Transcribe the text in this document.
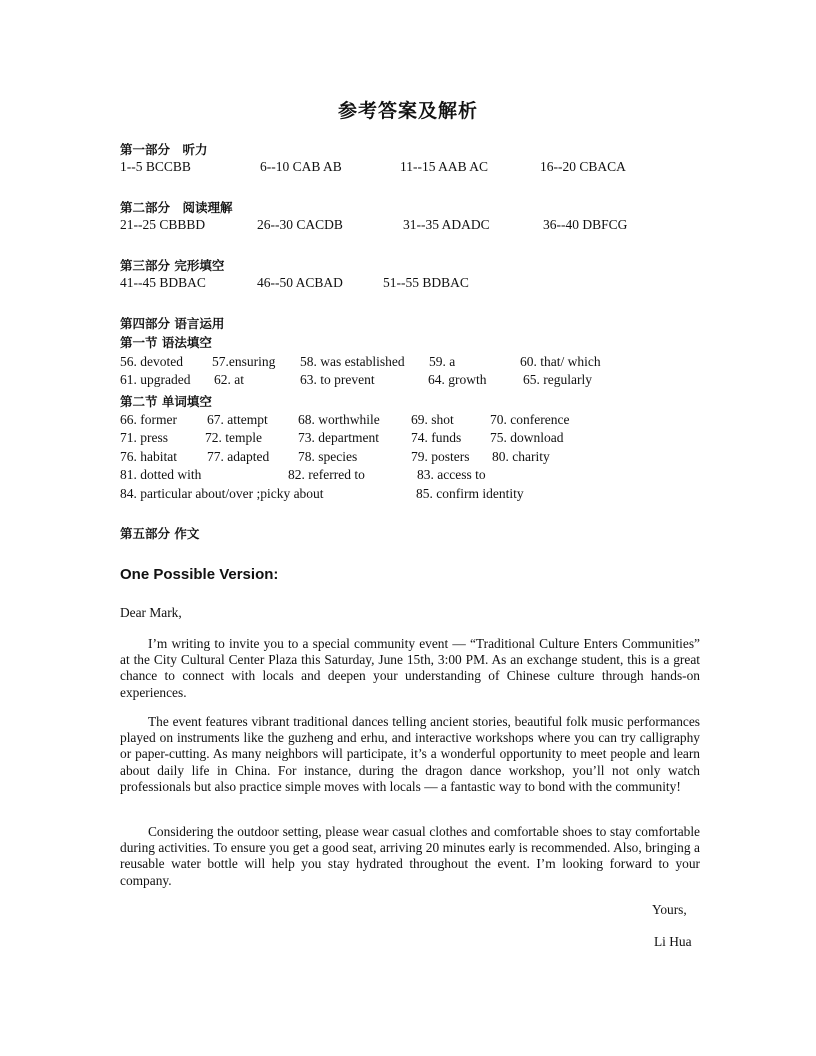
参考答案及解析
第一部分　听力
1--5 BCCBB	6--10 CAB AB	11--15 AAB AC	16--20 CBACA
第二部分　阅读理解
21--25 CBBBD	26--30 CACDB	31--35 ADADC	36--40 DBFCG
第三部分 完形填空
41--45 BDBAC	46--50 ACBAD	51--55 BDBAC
第四部分 语言运用
第一节 语法填空
56. devoted 57.ensuring 58. was established 59. a	60. that/ which
61. upgraded 62. at	63. to prevent	64. growth	65. regularly
第二节 单词填空
66. former 67. attempt 68. worthwhile 69. shot	70. conference
71. press	72. temple	73. department 74. funds 75. download
76. habitat 77. adapted 78. species	79. posters 80. charity
81. dotted with	82. referred to	83. access to
84. particular about/over ;picky about	85. confirm identity
第五部分 作文
One Possible Version:
Dear Mark,
I’m writing to invite you to a special community event — “Traditional Culture Enters Communities” at the City Cultural Center Plaza this Saturday, June 15th, 3:00 PM. As an exchange student, this is a great chance to connect with locals and deepen your understanding of Chinese culture through hands-on experiences.
The event features vibrant traditional dances telling ancient stories, beautiful folk music performances played on instruments like the guzheng and erhu, and interactive workshops where you can try calligraphy or paper-cutting. As many neighbors will participate, it’s a wonderful opportunity to meet people and learn about daily life in China. For instance, during the dragon dance workshop, you’ll not only watch professionals but also practice simple moves with locals — a fantastic way to bond with the community!
Considering the outdoor setting, please wear casual clothes and comfortable shoes to stay comfortable during activities. To ensure you get a good seat, arriving 20 minutes early is recommended. Also, bringing a reusable water bottle will help you stay hydrated throughout the event. I’m looking forward to your company.
Yours,
Li Hua
